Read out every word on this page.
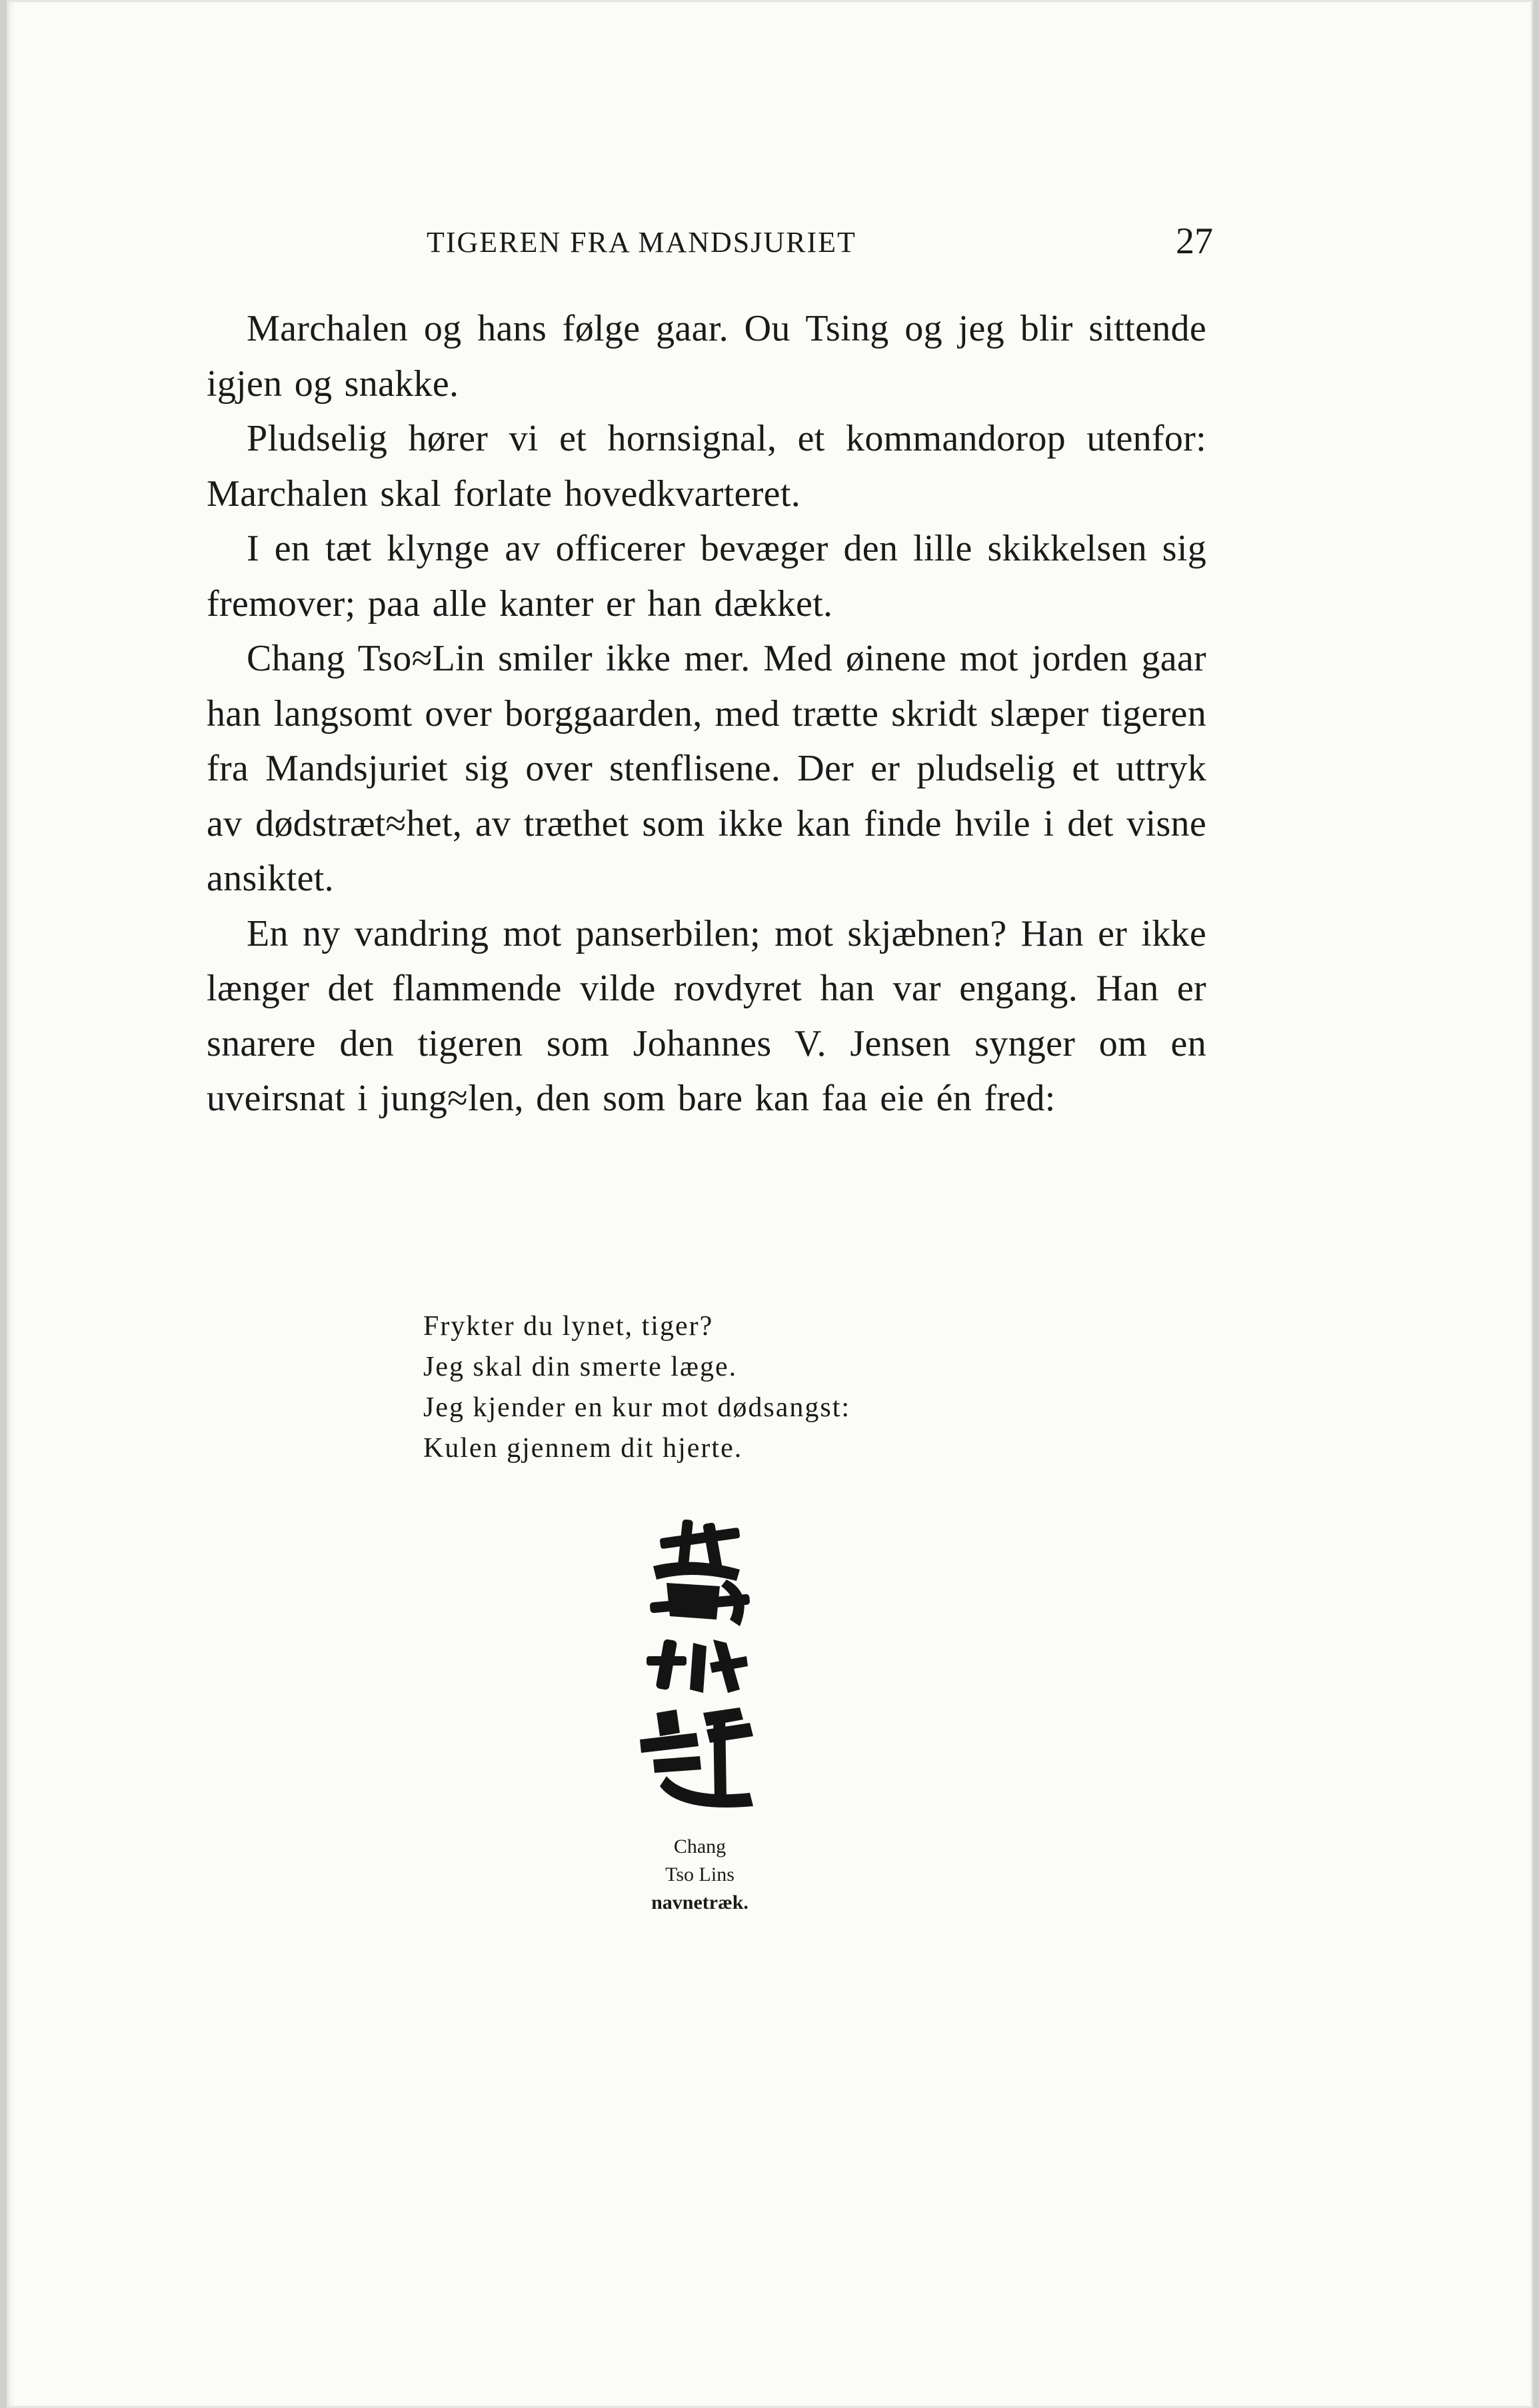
TIGEREN FRA MANDSJURIET	27

Marchalen og hans følge gaar. Ou Tsing og jeg blir sittende igjen og snakke.

Pludselig hører vi et hornsignal, et kommandorop utenfor: Marchalen skal forlate hovedkvarteret.

I en tæt klynge av officerer bevæger den lille skikkelsen sig fremover; paa alle kanter er han dækket.

Chang Tso≈Lin smiler ikke mer. Med øinene mot jorden gaar han langsomt over borggaarden, med trætte skridt slæper tigeren fra Mandsjuriet sig over stenflisene. Der er pludselig et uttryk av dødstræt≈het, av træthet som ikke kan finde hvile i det visne ansiktet.

En ny vandring mot panserbilen; mot skjæbnen? Han er ikke længer det flammende vilde rovdyret han var engang. Han er snarere den tigeren som Johannes V. Jensen synger om en uveirsnat i jung≈len, den som bare kan faa eie én fred:

Frykter du lynet, tiger?
Jeg skal din smerte læge.
Jeg kjender en kur mot dødsangst:
Kulen gjennem dit hjerte.
Chang
Tso Lins
navnetræk.
